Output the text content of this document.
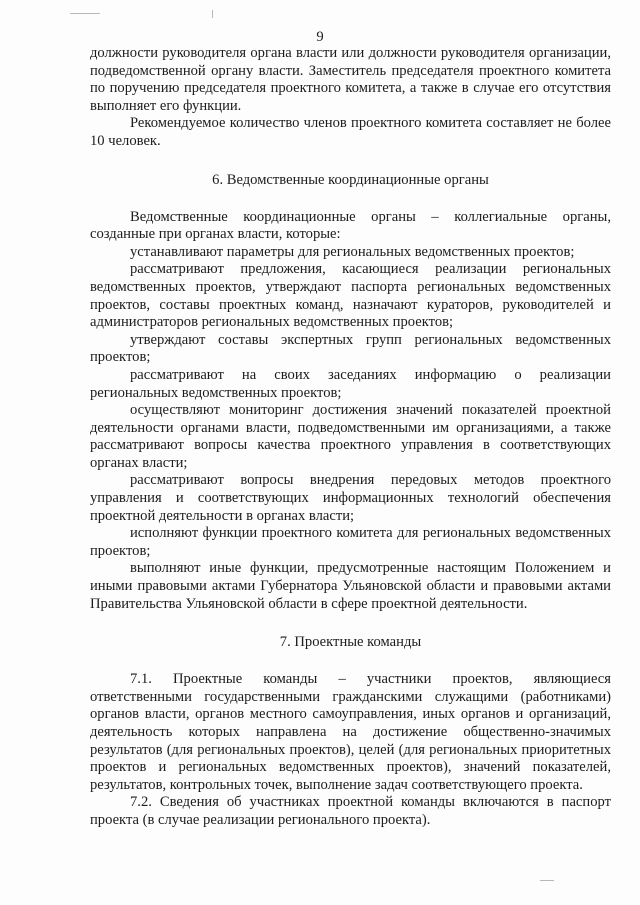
9

должности руководителя органа власти или должности руководителя организации, подведомственной органу власти. Заместитель председателя проектного комитета по поручению председателя проектного комитета, а также в случае его отсутствия выполняет его функции.

Рекомендуемое количество членов проектного комитета составляет не более 10 человек.

6. Ведомственные координационные органы

Ведомственные координационные органы – коллегиальные органы, созданные при органах власти, которые:

устанавливают параметры для региональных ведомственных проектов;

рассматривают предложения, касающиеся реализации региональных ведомственных проектов, утверждают паспорта региональных ведомственных проектов, составы проектных команд, назначают кураторов, руководителей и администраторов региональных ведомственных проектов;

утверждают составы экспертных групп региональных ведомственных проектов;

рассматривают на своих заседаниях информацию о реализации региональных ведомственных проектов;

осуществляют мониторинг достижения значений показателей проектной деятельности органами власти, подведомственными им организациями, а также рассматривают вопросы качества проектного управления в соответствующих органах власти;

рассматривают вопросы внедрения передовых методов проектного управления и соответствующих информационных технологий обеспечения проектной деятельности в органах власти;

исполняют функции проектного комитета для региональных ведомственных проектов;

выполняют иные функции, предусмотренные настоящим Положением и иными правовыми актами Губернатора Ульяновской области и правовыми актами Правительства Ульяновской области в сфере проектной деятельности.

7. Проектные команды

7.1. Проектные команды – участники проектов, являющиеся ответственными государственными гражданскими служащими (работниками) органов власти, органов местного самоуправления, иных органов и организаций, деятельность которых направлена на достижение общественно-значимых результатов (для региональных проектов), целей (для региональных приоритетных проектов и региональных ведомственных проектов), значений показателей, результатов, контрольных точек, выполнение задач соответствующего проекта.

7.2. Сведения об участниках проектной команды включаются в паспорт проекта (в случае реализации регионального проекта).
